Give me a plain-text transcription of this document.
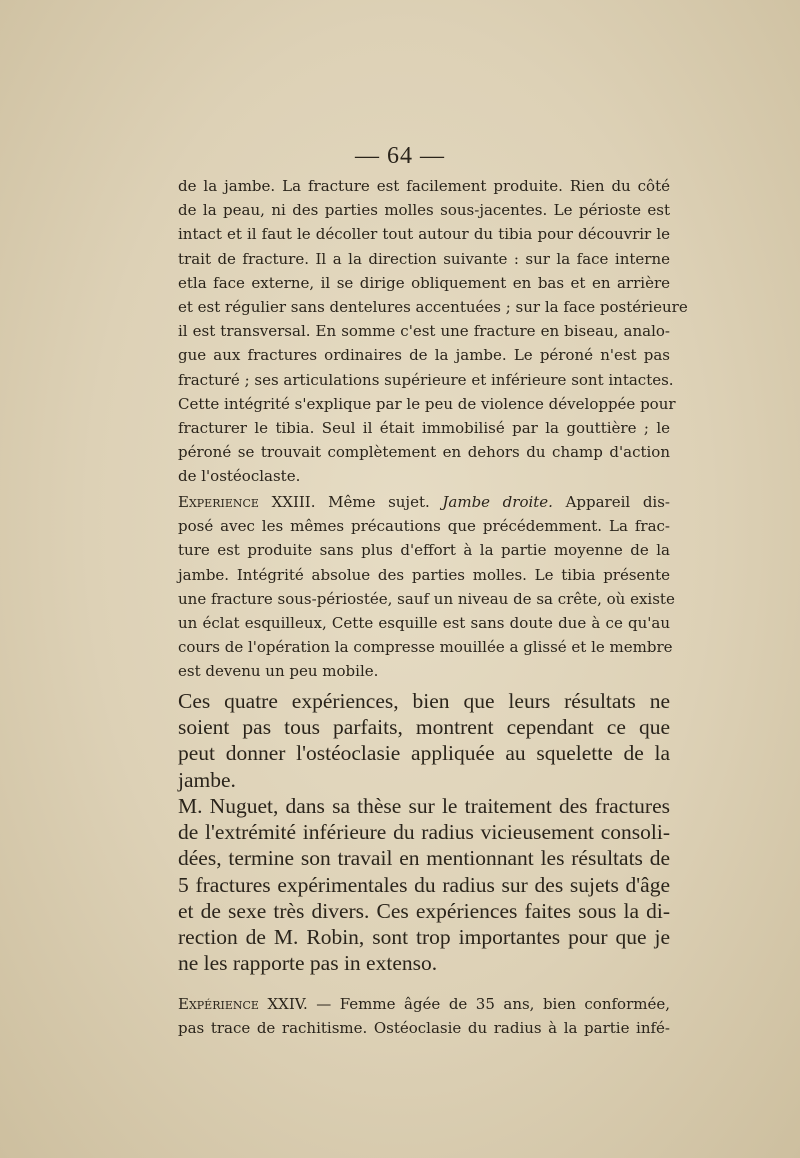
— 64 —

de la jambe. La fracture est facilement produite. Rien du côté
de la peau, ni des parties molles sous-jacentes. Le périoste est
intact et il faut le décoller tout autour du tibia pour découvrir le
trait de fracture. Il a la direction suivante : sur la face interne
etla face externe, il se dirige obliquement en bas et en arrière
et est régulier sans dentelures accentuées ; sur la face postérieure
il est transversal. En somme c'est une fracture en biseau, analo-
gue aux fractures ordinaires de la jambe. Le péroné n'est pas
fracturé ; ses articulations supérieure et inférieure sont intactes.
Cette intégrité s'explique par le peu de violence développée pour
fracturer le tibia. Seul il était immobilisé par la gouttière ; le
péroné se trouvait complètement en dehors du champ d'action
de l'ostéoclaste.

Experience XXIII. Même sujet. Jambe droite. Appareil dis-
posé avec les mêmes précautions que précédemment. La frac-
ture est produite sans plus d'effort à la partie moyenne de la
jambe. Intégrité absolue des parties molles. Le tibia présente
une fracture sous-périostée, sauf un niveau de sa crête, où existe
un éclat esquilleux, Cette esquille est sans doute due à ce qu'au
cours de l'opération la compresse mouillée a glissé et le membre
est devenu un peu mobile.

Ces quatre expériences, bien que leurs résultats ne
soient pas tous parfaits, montrent cependant ce que
peut donner l'ostéoclasie appliquée au squelette de la
jambe.
M. Nuguet, dans sa thèse sur le traitement des fractures
de l'extrémité inférieure du radius vicieusement consoli-
dées, termine son travail en mentionnant les résultats de
5 fractures expérimentales du radius sur des sujets d'âge
et de sexe très divers. Ces expériences faites sous la di-
rection de M. Robin, sont trop importantes pour que je
ne les rapporte pas in extenso.

Expérience XXIV. — Femme âgée de 35 ans, bien conformée,
pas trace de rachitisme. Ostéoclasie du radius à la partie infé-
